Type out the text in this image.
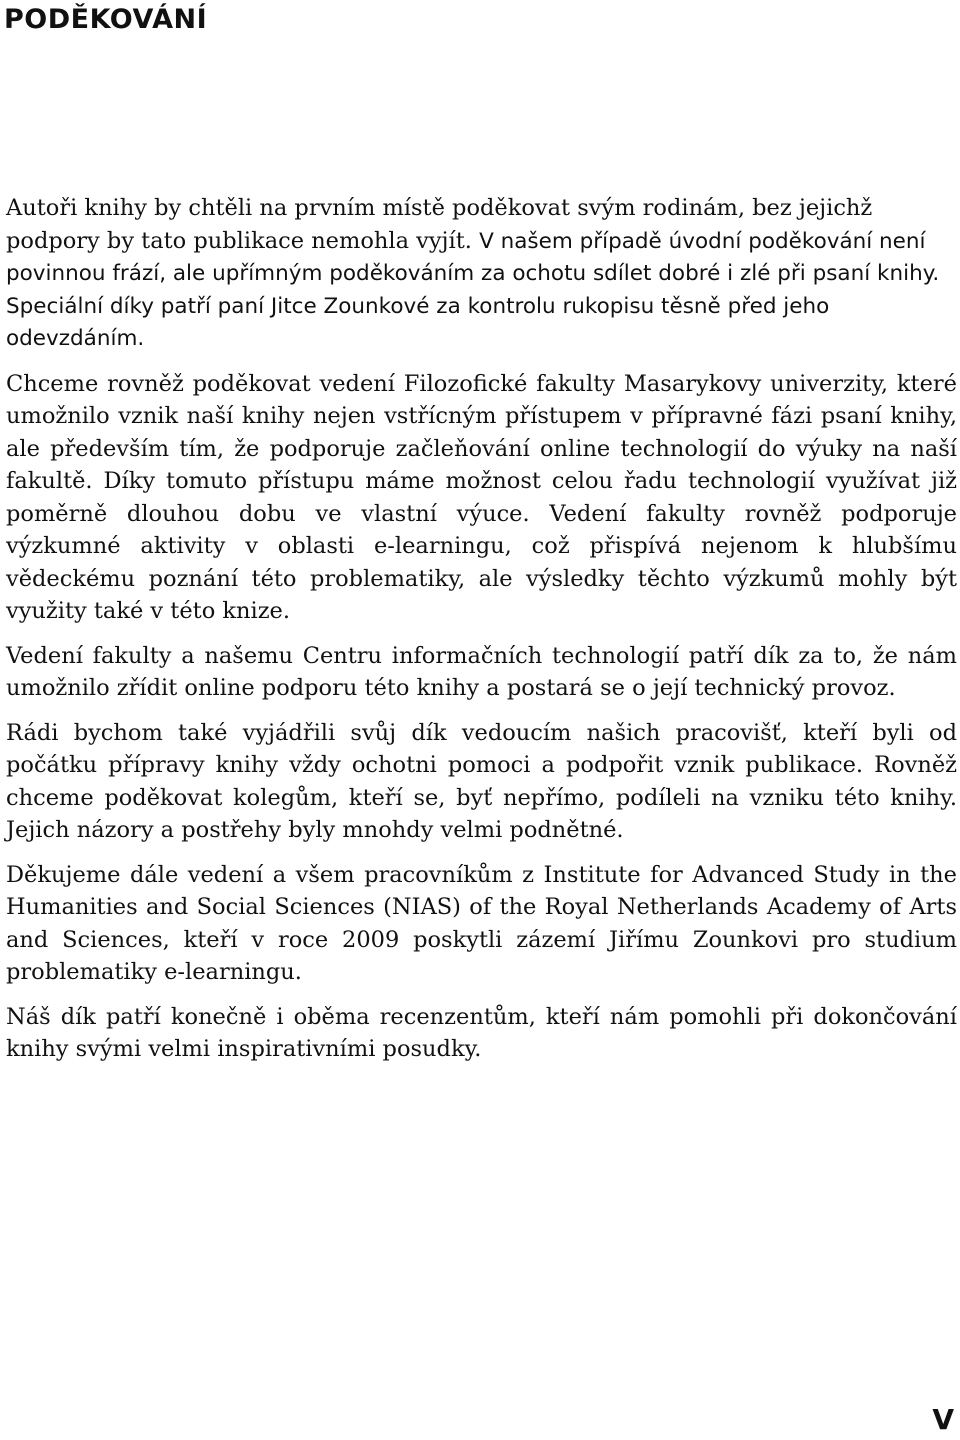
PODĚKOVÁNÍ

Autoři knihy by chtěli na prvním místě poděkovat svým rodinám, bez jejichž podpory by tato publikace nemohla vyjít.

V našem případě úvodní poděkování není povinnou frází, ale upřímným poděkováním za ochotu sdílet dobré i zlé při psaní knihy. Speciální díky patří paní Jitce Zounkové za kontrolu rukopisu těsně před jeho odevzdáním.

Chceme rovněž poděkovat vedení Filozofické fakulty Masarykovy univerzity, které umožnilo vznik naší knihy nejen vstřícným přístupem v přípravné fázi psaní knihy, ale především tím, že podporuje začleňování online technologií do výuky na naší fakultě. Díky tomuto přístupu máme možnost celou řadu technologií využívat již poměrně dlouhou dobu ve vlastní výuce. Vedení fakulty rovněž podporuje výzkumné aktivity v oblasti e-learningu, což přispívá nejenom k hlubšímu vědeckému poznání této problematiky, ale výsledky těchto výzkumů mohly být využity také v této knize.

Vedení fakulty a našemu Centru informačních technologií patří dík za to, že nám umožnilo zřídit online podporu této knihy a postará se o její technický provoz.

Rádi bychom také vyjádřili svůj dík vedoucím našich pracovišť, kteří byli od počátku přípravy knihy vždy ochotni pomoci a podpořit vznik publikace. Rovněž chceme poděkovat kolegům, kteří se, byť nepřímo, podíleli na vzniku této knihy. Jejich názory a postřehy byly mnohdy velmi podnětné.

Děkujeme dále vedení a všem pracovníkům z Institute for Advanced Study in the Humanities and Social Sciences (NIAS) of the Royal Netherlands Academy of Arts and Sciences, kteří v roce 2009 poskytli zázemí Jiřímu Zounkovi pro studium problematiky e-learningu.

Náš dík patří konečně i oběma recenzentům, kteří nám pomohli při dokončování knihy svými velmi inspirativními posudky.

V
